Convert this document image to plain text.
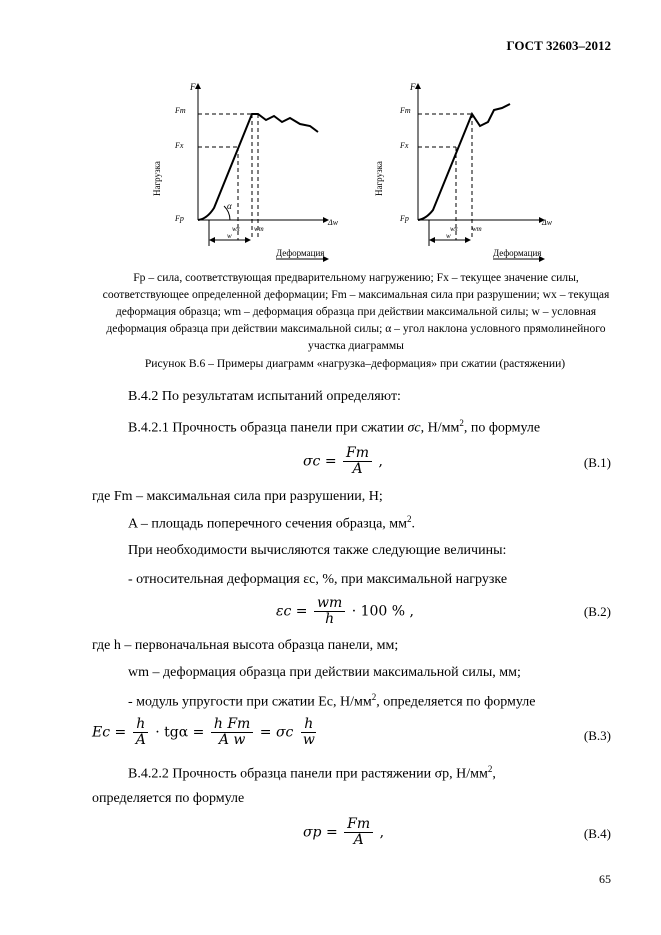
ГОСТ 32603–2012
F
Fm
Fx
Fp
Нагрузка
α
wx wm
Δw
w
Деформация
F
Fm
Fx
Fp
Нагрузка
wx wm
Δw
w
Деформация

Fp – сила, соответствующая предварительному нагружению; Fx – текущее значение силы, соответствующее определенной деформации; Fm – максимальная сила при разрушении; wx – текущая деформация образца; wm – деформация образца при действии максимальной силы; w – условная деформация образца при действии максимальной силы; α – угол наклона условного прямолинейного участка диаграммы

Рисунок В.6 – Примеры диаграмм «нагрузка–деформация» при сжатии (растяжении)

В.4.2 По результатам испытаний определяют:
В.4.2.1 Прочность образца панели при сжатии σc, $Н/мм^2$, по формуле
$\sigma c = \frac{Fm}{A}$ ,	(В.1)
где Fm – максимальная сила при разрушении, Н;
A – площадь поперечного сечения образца, $мм^2$.
При необходимости вычисляются также следующие величины:
- относительная деформация εc, %, при максимальной нагрузке
$\varepsilon c = \frac{wm}{h} \cdot 100$ % ,	(В.2)
где h – первоначальная высота образца панели, мм;
wm – деформация образца при действии максимальной силы, мм;
- модуль упругости при сжатии Ec, $Н/мм^2$, определяется по формуле
$Ec = \frac{h}{A} \cdot tg\alpha = \frac{\text{h Fm}}{\text{A w}} = \sigma c \frac{h}{w}$	(В.3)
В.4.2.2 Прочность образца панели при растяжении σр, $Н/мм^2$,
определяется по формуле
$\sigma р = \frac{Fm}{A}$ ,	(В.4)
65
